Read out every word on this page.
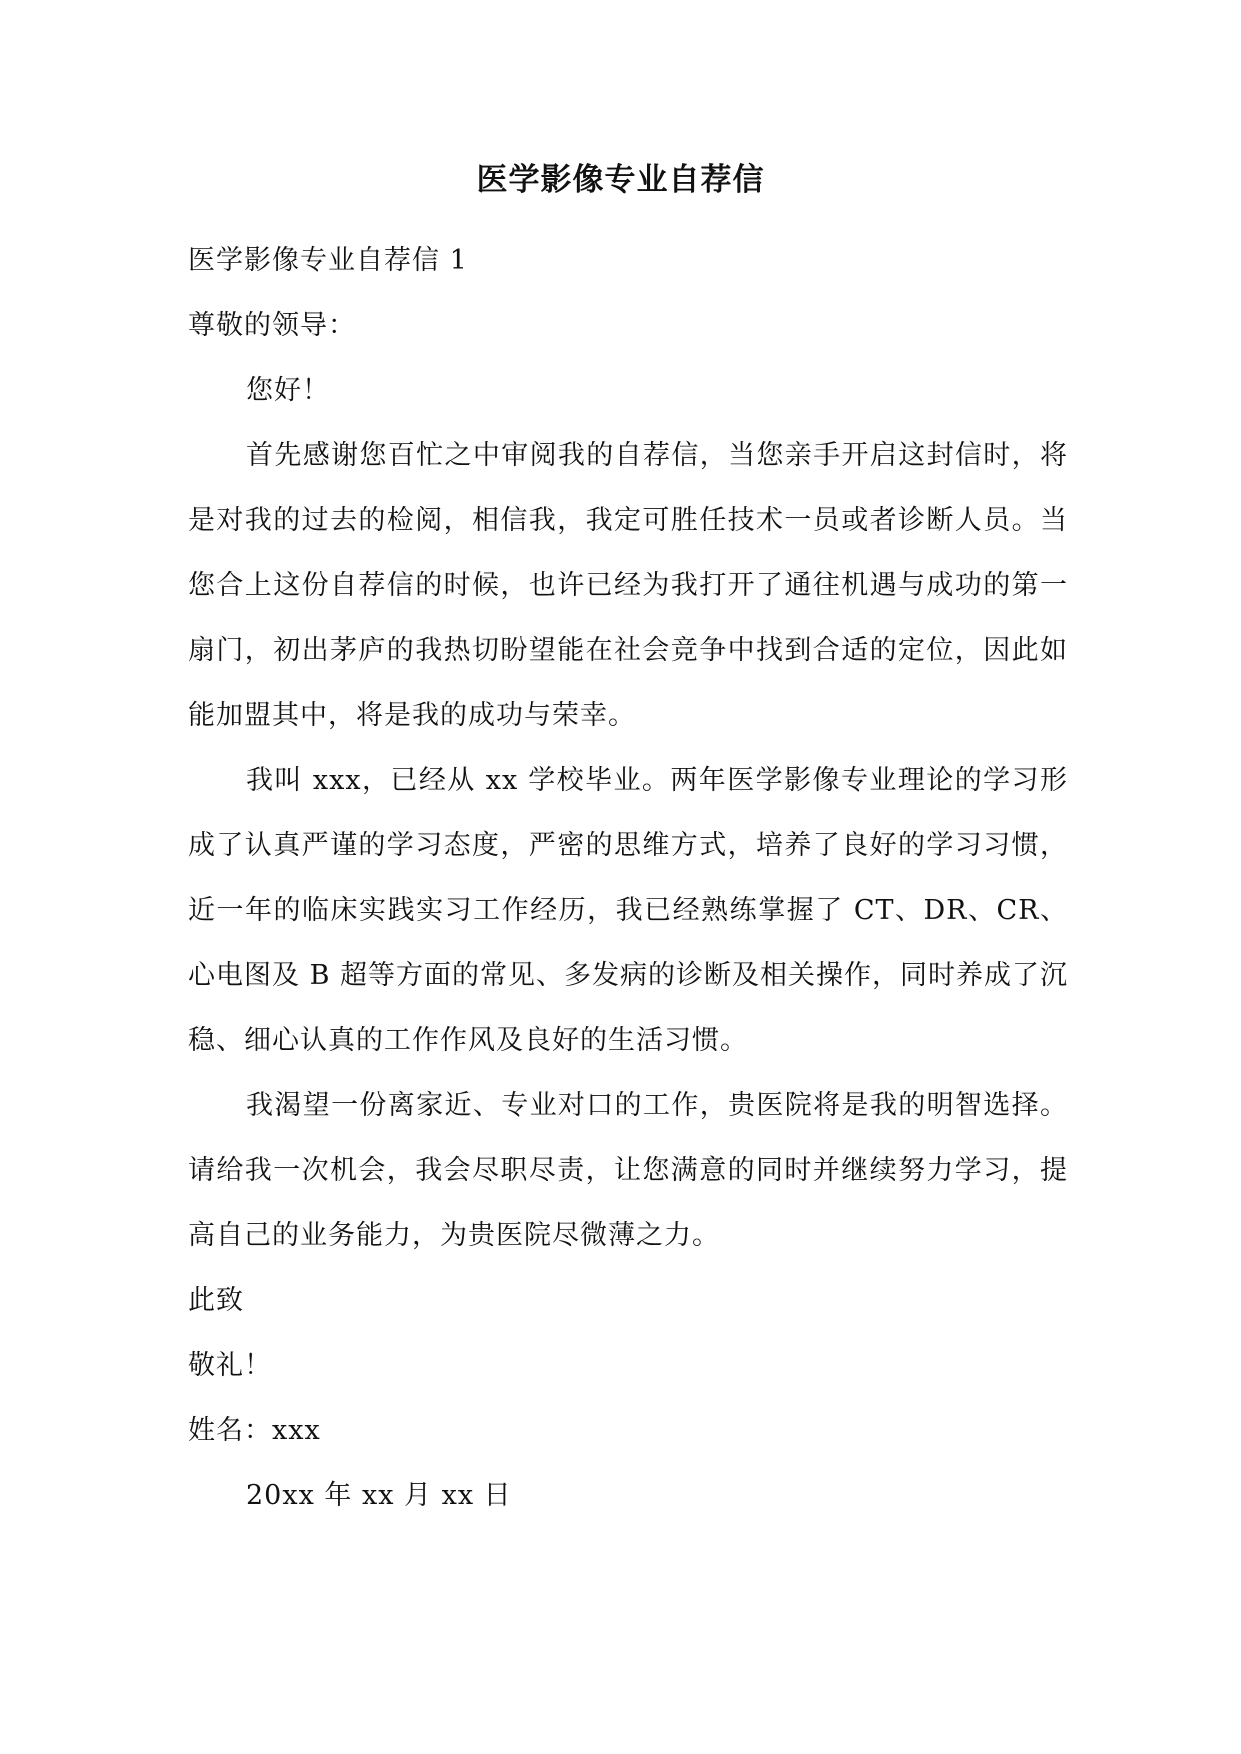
医学影像专业自荐信

医学影像专业自荐信 1

尊敬的领导：

您好！

首先感谢您百忙之中审阅我的自荐信，当您亲手开启这封信时，将是对我的过去的检阅，相信我，我定可胜任技术一员或者诊断人员。当您合上这份自荐信的时候，也许已经为我打开了通往机遇与成功的第一扇门，初出茅庐的我热切盼望能在社会竞争中找到合适的定位，因此如能加盟其中，将是我的成功与荣幸。

我叫 xxx，已经从 xx 学校毕业。两年医学影像专业理论的学习形成了认真严谨的学习态度，严密的思维方式，培养了良好的学习习惯，近一年的临床实践实习工作经历，我已经熟练掌握了 CT、DR、CR、心电图及 B 超等方面的常见、多发病的诊断及相关操作，同时养成了沉稳、细心认真的工作作风及良好的生活习惯。

我渴望一份离家近、专业对口的工作，贵医院将是我的明智选择。请给我一次机会，我会尽职尽责，让您满意的同时并继续努力学习，提高自己的业务能力，为贵医院尽微薄之力。

此致

敬礼！

姓名：xxx

20xx 年 xx 月 xx 日
